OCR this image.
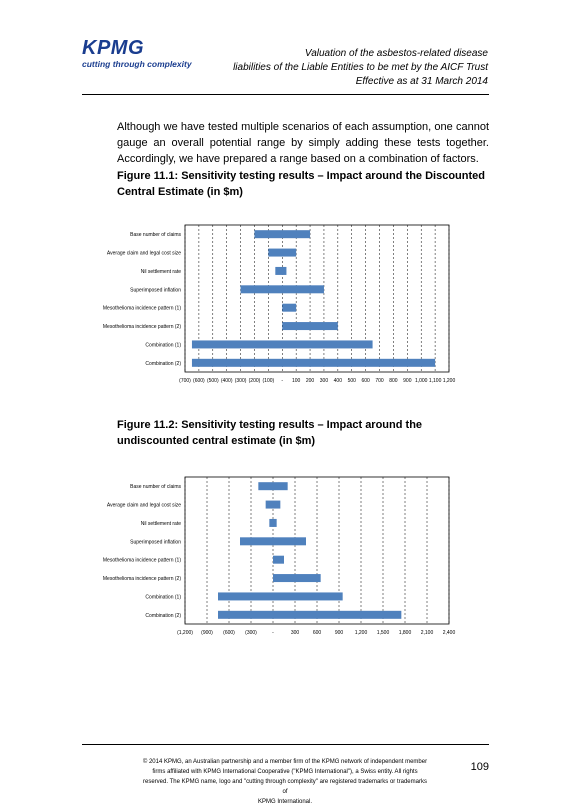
KPMG
cutting through complexity
Valuation of the asbestos-related disease
liabilities of the Liable Entities to be met by the AICF Trust
Effective as at 31 March 2014
Although we have tested multiple scenarios of each assumption, one cannot gauge an overall potential range by simply adding these tests together. Accordingly, we have prepared a range based on a combination of factors.
Figure 11.1: Sensitivity testing results – Impact around the Discounted Central Estimate (in $m)
(700) (600) (500) (400) (300) (200) (100) - 100 200 300 400 500 600 700 800 900 1,000 1,100 1,200
Base number of claims
Average claim and legal cost size
Nil settlement rate
Superimposed inflation
Mesothelioma incidence pattern (1)
Mesothelioma incidence pattern (2)
Combination (1)
Combination (2)
Figure 11.2: Sensitivity testing results – Impact around the undiscounted central estimate (in $m)
(1,200) (900) (600) (300)	-	300	600	900 1,200 1,500 1,800 2,100 2,400
Base number of claims
Average claim and legal cost size
Nil settlement rate
Superimposed inflation
Mesothelioma incidence pattern (1)
Mesothelioma incidence pattern (2)
Combination (1)
Combination (2)
© 2014 KPMG, an Australian partnership and a member firm of the KPMG network of independent member
firms affiliated with KPMG International Cooperative ("KPMG International"), a Swiss entity. All rights
reserved. The KPMG name, logo and "cutting through complexity" are registered trademarks or trademarks of
KPMG International.
109
